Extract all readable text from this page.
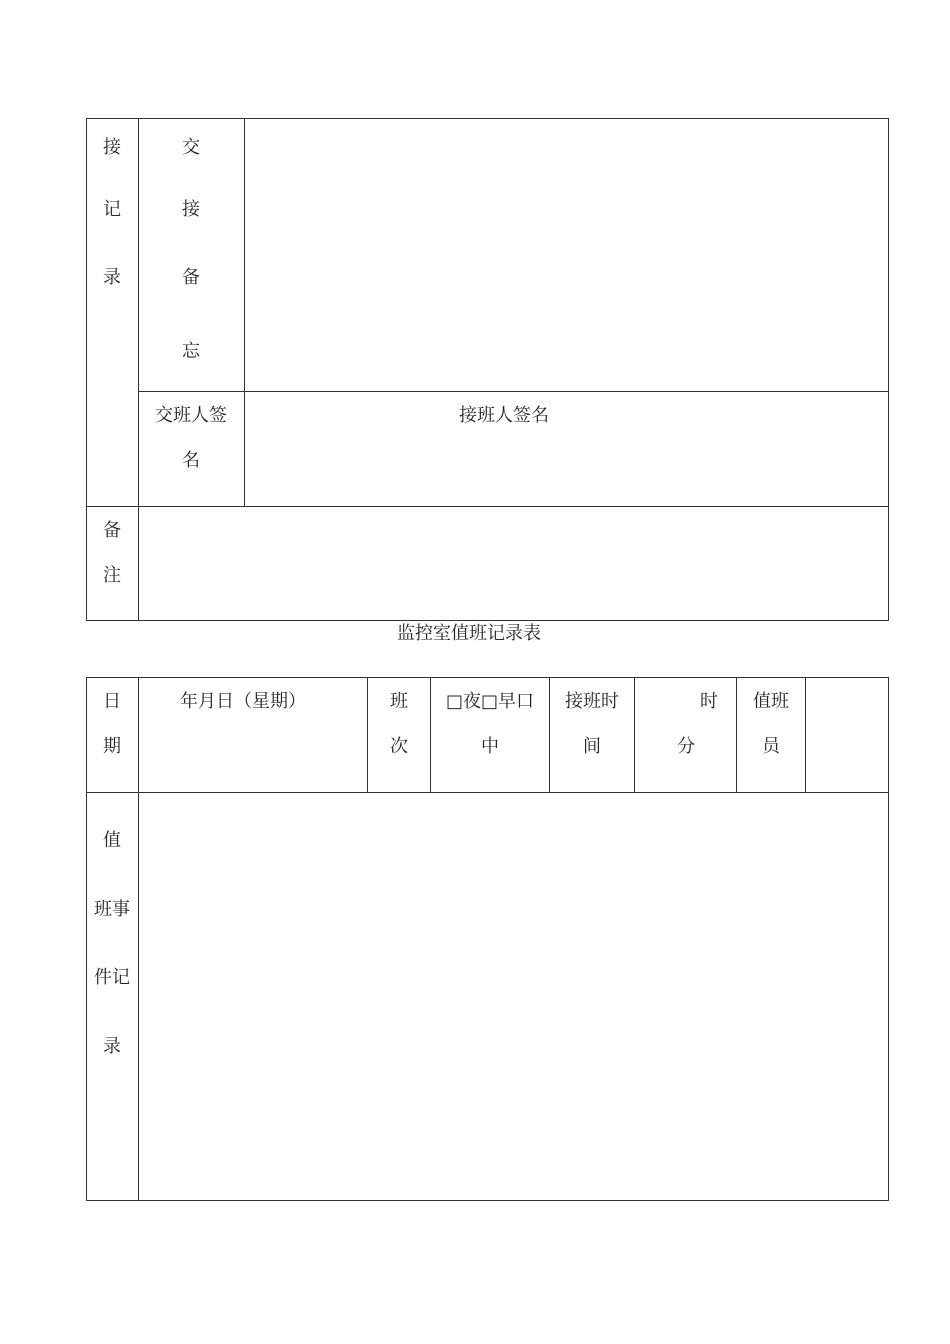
接
记
录
交
接
备
忘
交班人签
名
接班人签名
备
注
监控室值班记录表
日
期
年月日（星期）	班
次
□夜□早口
中
接班时
间
时
分
值班
员
值
班事
件记
录
